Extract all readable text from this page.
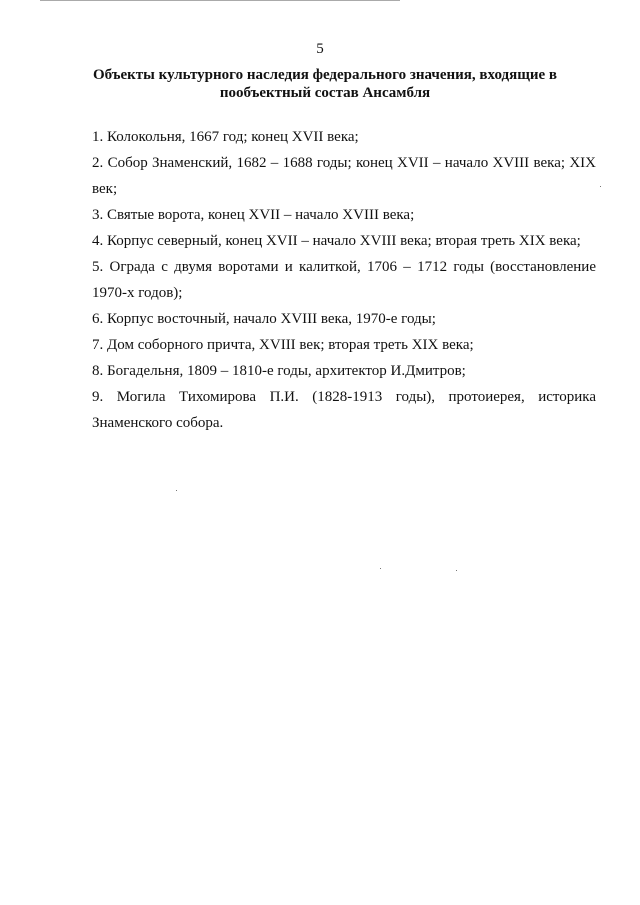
5
Объекты культурного наследия федерального значения, входящие в
пообъектный состав Ансамбля
1. Колокольня, 1667 год; конец XVII века;
2. Собор Знаменский, 1682 – 1688 годы; конец XVII – начало XVIII века; XIX век;
3. Святые ворота, конец XVII – начало XVIII века;
4. Корпус северный, конец XVII – начало XVIII века; вторая треть XIX века;
5. Ограда с двумя воротами и калиткой, 1706 – 1712 годы (восстановление 1970-х годов);
6. Корпус восточный, начало XVIII века, 1970-е годы;
7. Дом соборного причта, XVIII век; вторая треть XIX века;
8. Богадельня, 1809 – 1810-е годы, архитектор И.Дмитров;
9. Могила Тихомирова П.И. (1828-1913 годы), протоиерея, историка Знаменского собора.
